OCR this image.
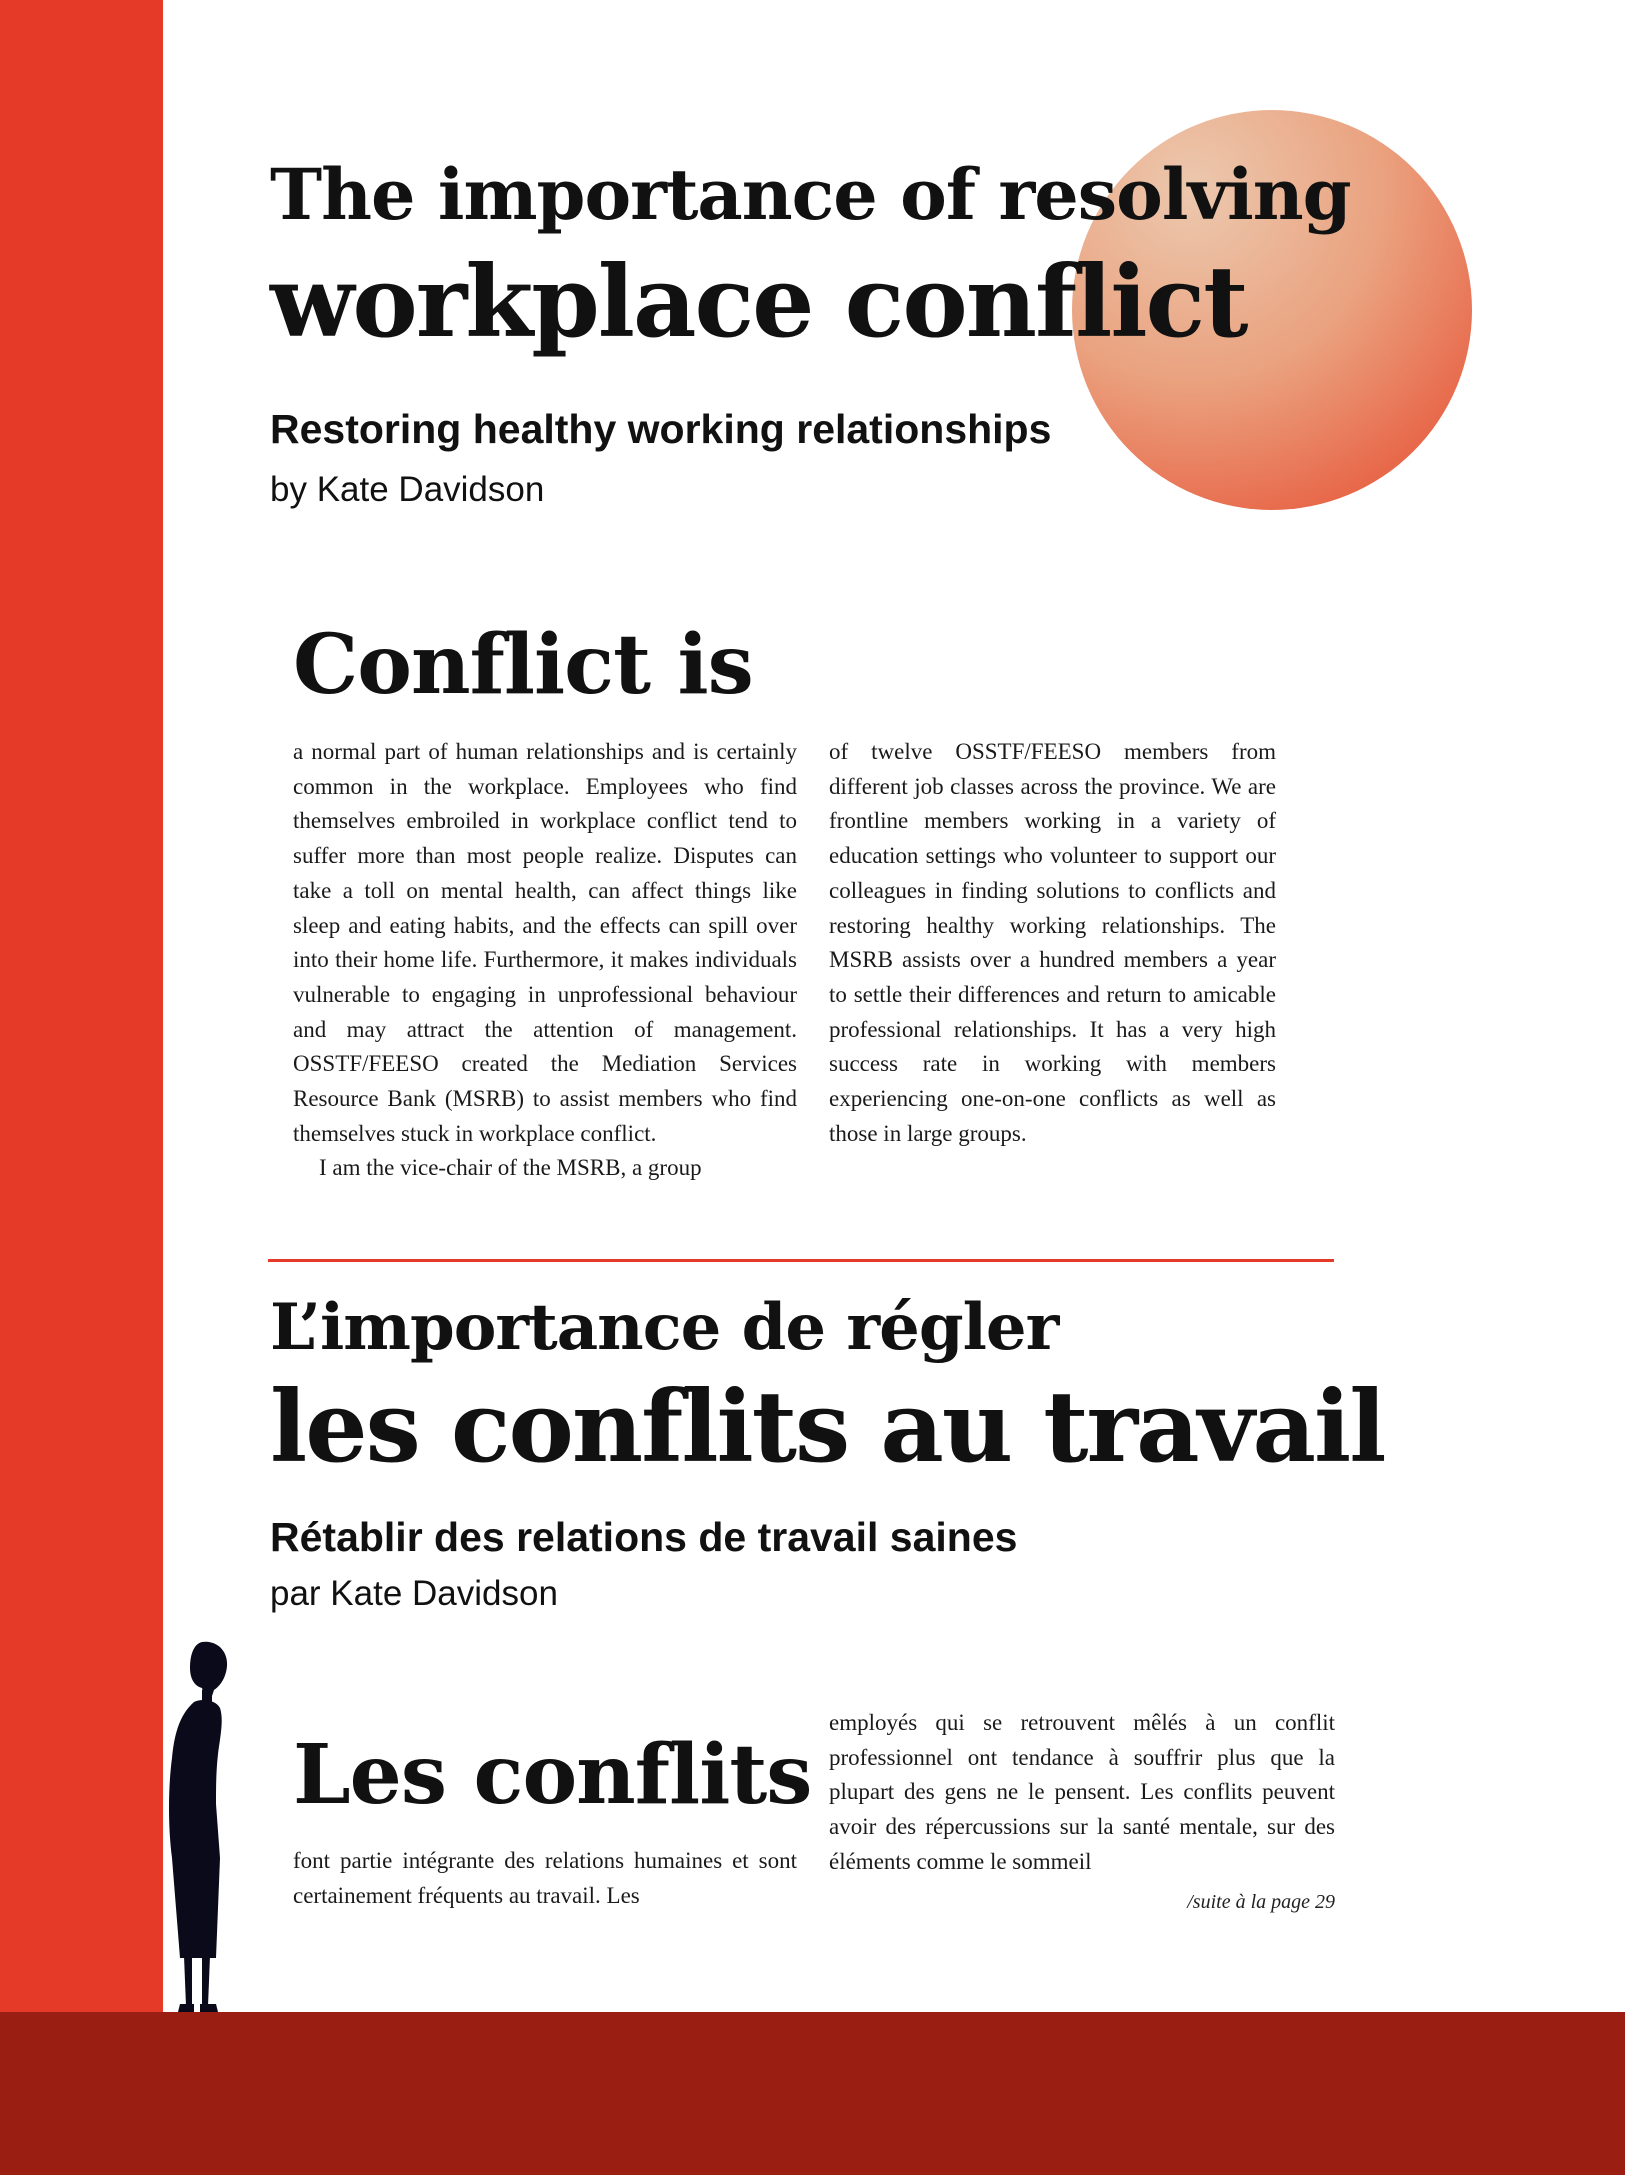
The importance of resolving
workplace conflict
Restoring healthy working relationships
by Kate Davidson
Conflict is

a normal part of human relationships and is certainly common in the workplace. Employees who find themselves embroiled in workplace conflict tend to suffer more than most people realize. Disputes can take a toll on mental health, can affect things like sleep and eating habits, and the effects can spill over into their home life. Furthermore, it makes individuals vulnerable to engaging in unprofessional behaviour and may attract the attention of management. OSSTF/FEESO created the Mediation Services Resource Bank (MSRB) to assist members who find themselves stuck in workplace conflict.

I am the vice-chair of the MSRB, a group

of twelve OSSTF/FEESO members from different job classes across the province. We are frontline members working in a variety of education settings who volunteer to support our colleagues in finding solutions to conflicts and restoring healthy working relationships. The MSRB assists over a hundred members a year to settle their differences and return to amicable professional relationships. It has a very high success rate in working with members experiencing one-on-one conflicts as well as those in large groups.

L’importance de régler
les conflits au travail
Rétablir des relations de travail saines
par Kate Davidson
Les conflits

font partie intégrante des relations humaines et sont certainement fréquents au travail. Les

employés qui se retrouvent mêlés à un conflit professionnel ont tendance à souffrir plus que la plupart des gens ne le pensent. Les conflits peuvent avoir des répercussions sur la santé mentale, sur des éléments comme le sommeil

/suite à la page 29
